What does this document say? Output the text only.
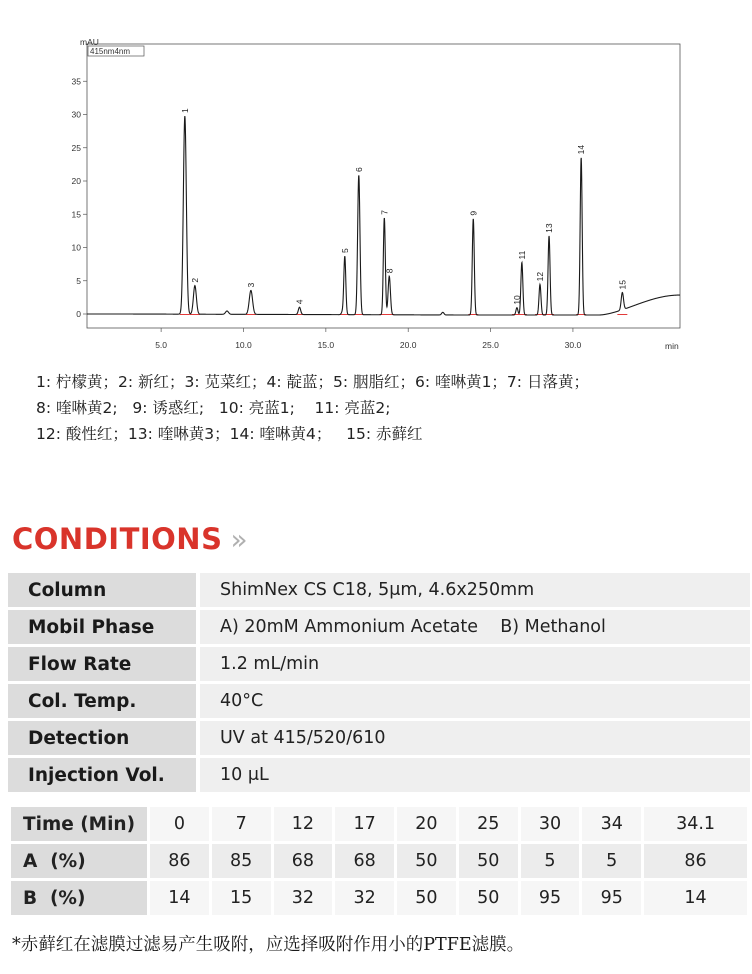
415nm4nm
mAU
min
0
5
10
15
20
25
30
35
5.0	10.0	15.0	20.0	25.0	30.0
1
2
3
4
5
6
7
8
9
10
11
12
13
14
15
1: 柠檬黄；2: 新红；3: 苋菜红；4: 靛蓝；5: 胭脂红；6: 喹啉黄1；7: 日落黄；
8: 喹啉黄2;   9: 诱惑红;   10: 亮蓝1;    11: 亮蓝2;
12: 酸性红；13: 喹啉黄3；14: 喹啉黄4；   15: 赤藓红
CONDITIONS »
Column		ShimNex CS C18, 5μm, 4.6x250mm
Mobil Phase		A) 20mM Ammonium Acetate    B) Methanol
Flow Rate		1.2 mL/min
Col. Temp.		40°C
Detection		UV at 415/520/610
Injection Vol.		10 μL
Time (Min)	0	7	12	17	20	25	30	34	34.1
A  (%)	86	85	68	68	50	50	5	5	86
B  (%)	14	15	32	32	50	50	95	95	14
*赤藓红在滤膜过滤易产生吸附，应选择吸附作用小的PTFE滤膜。
